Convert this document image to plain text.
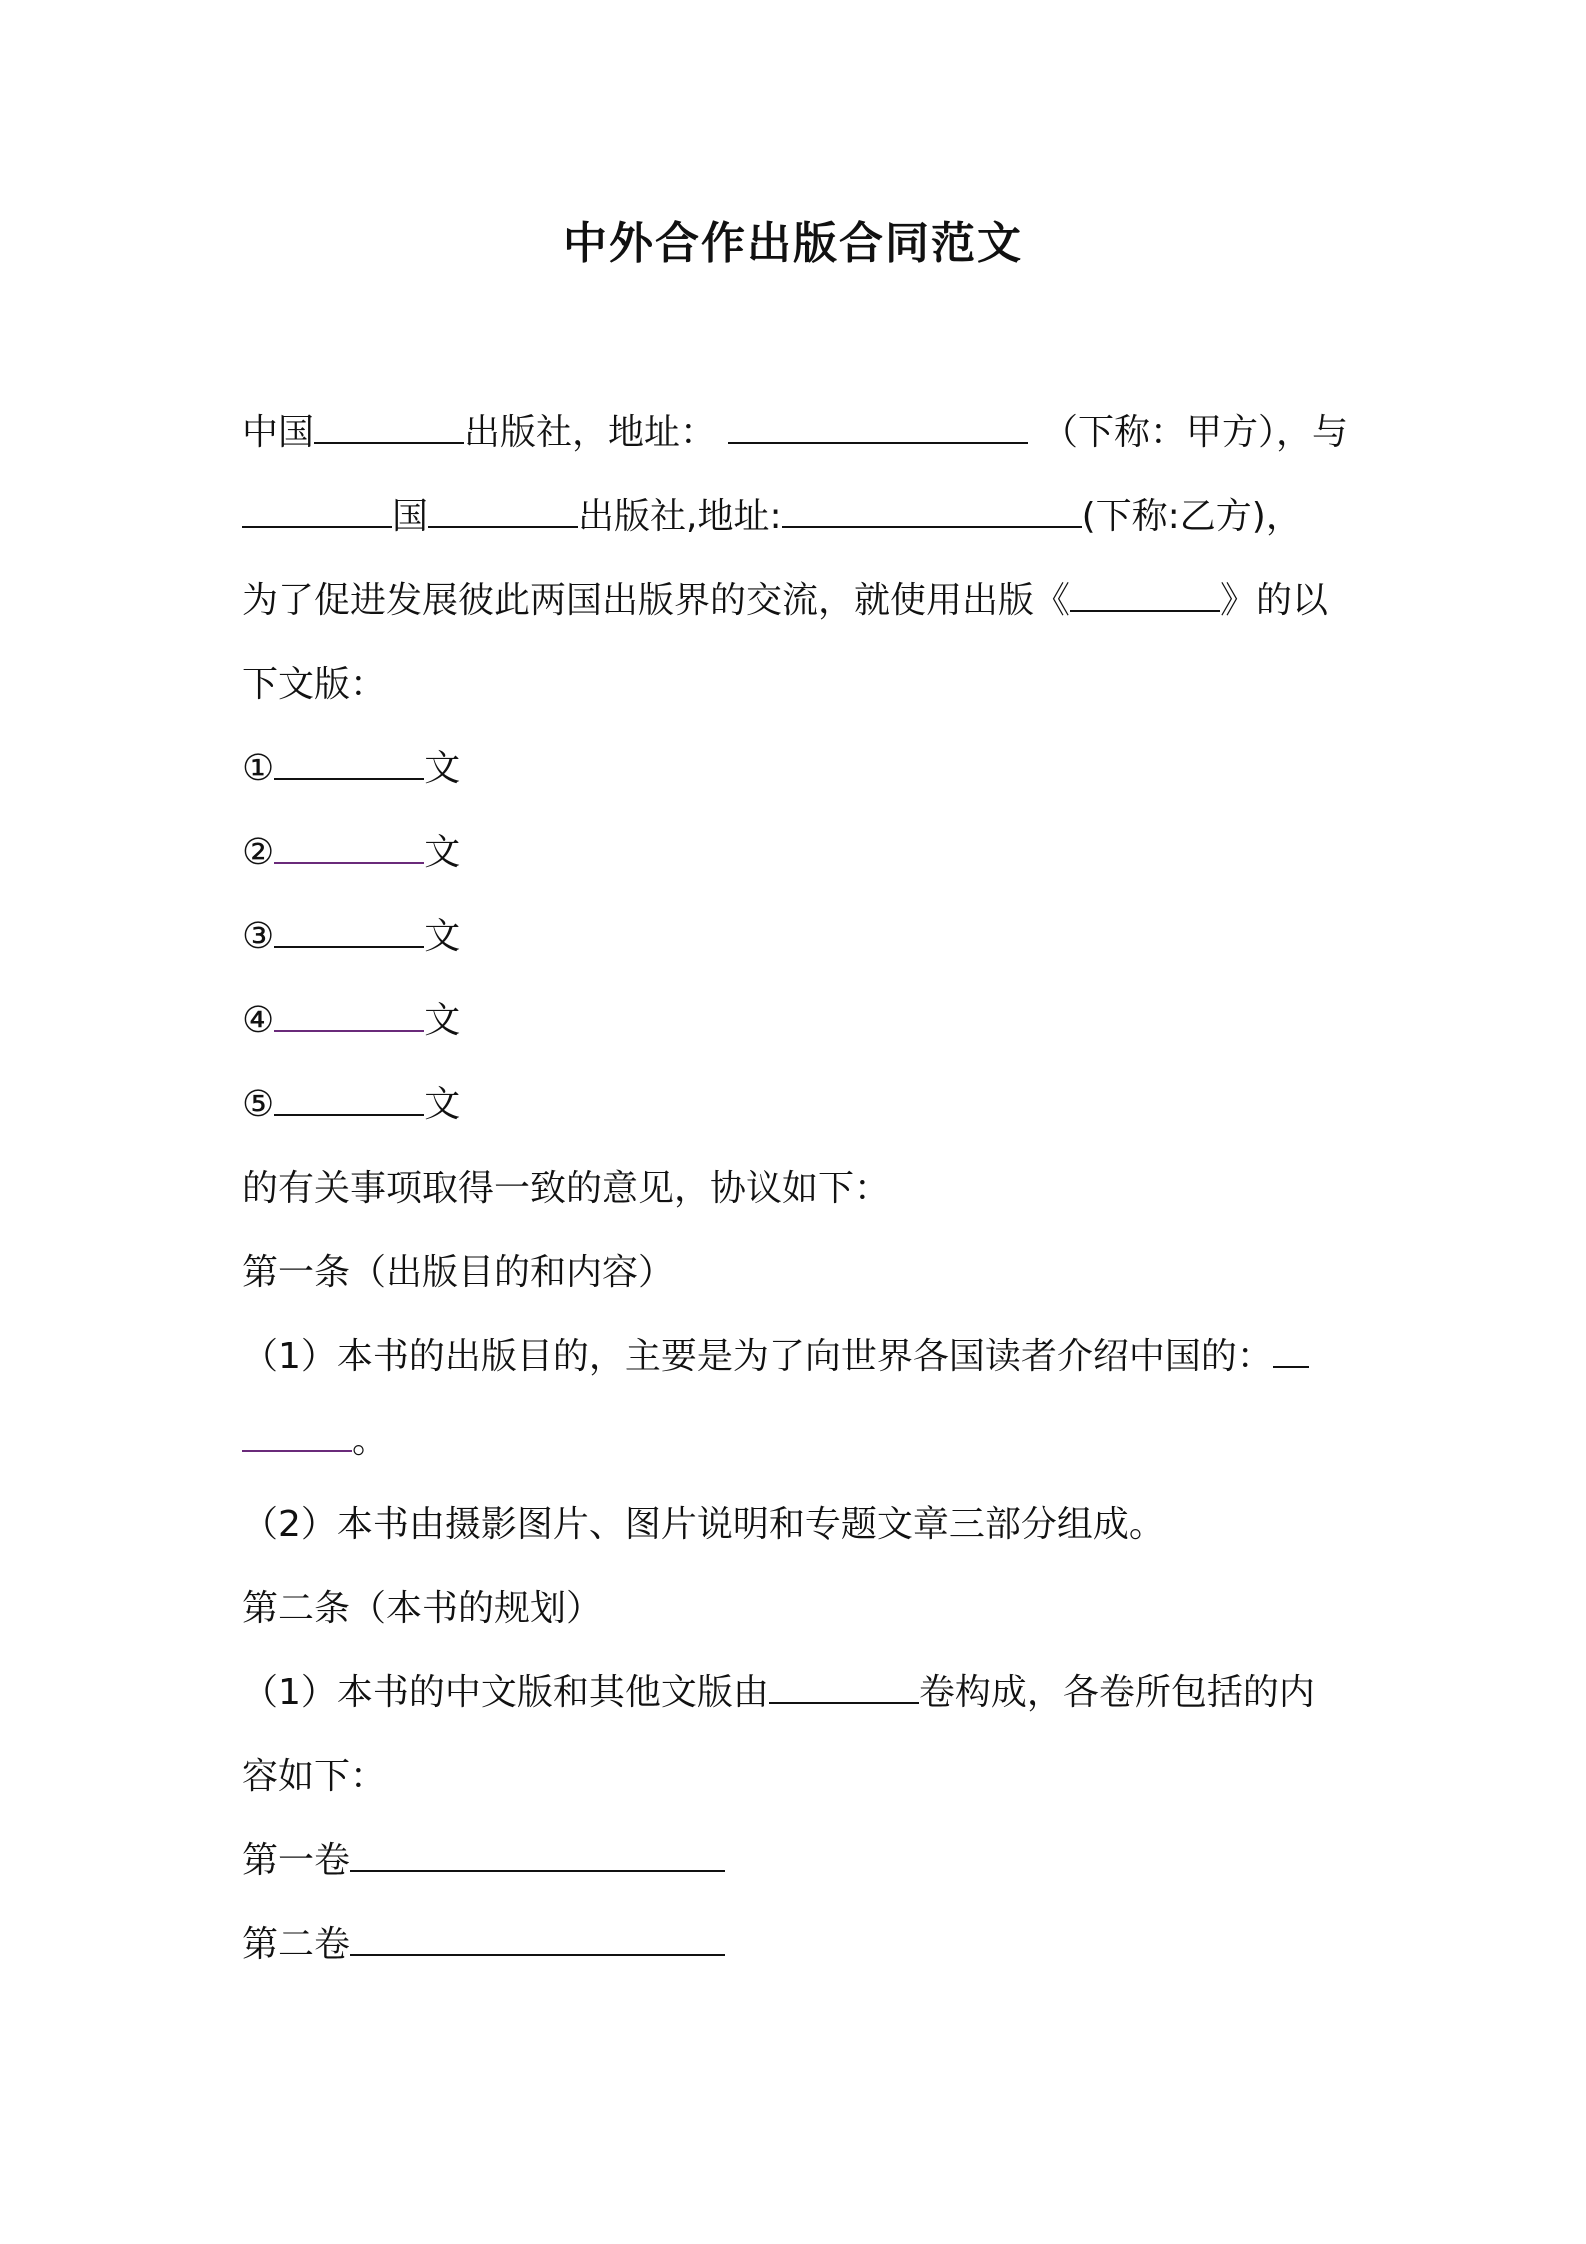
中外合作出版合同范文
中国	出版社，地址：	（下称：甲方），与
国	出版社,地址:	(下称:乙方)，
为了促进发展彼此两国出版界的交流，就使用出版《	》的以
下文版：
①	文
②	文
③	文
④	文
⑤	文
的有关事项取得一致的意见，协议如下：
第一条（出版目的和内容）
（1）本书的出版目的，主要是为了向世界各国读者介绍中国的：
。
（2）本书由摄影图片、图片说明和专题文章三部分组成。
第二条（本书的规划）
（1）本书的中文版和其他文版由	卷构成，各卷所包括的内
容如下：
第一卷
第二卷
